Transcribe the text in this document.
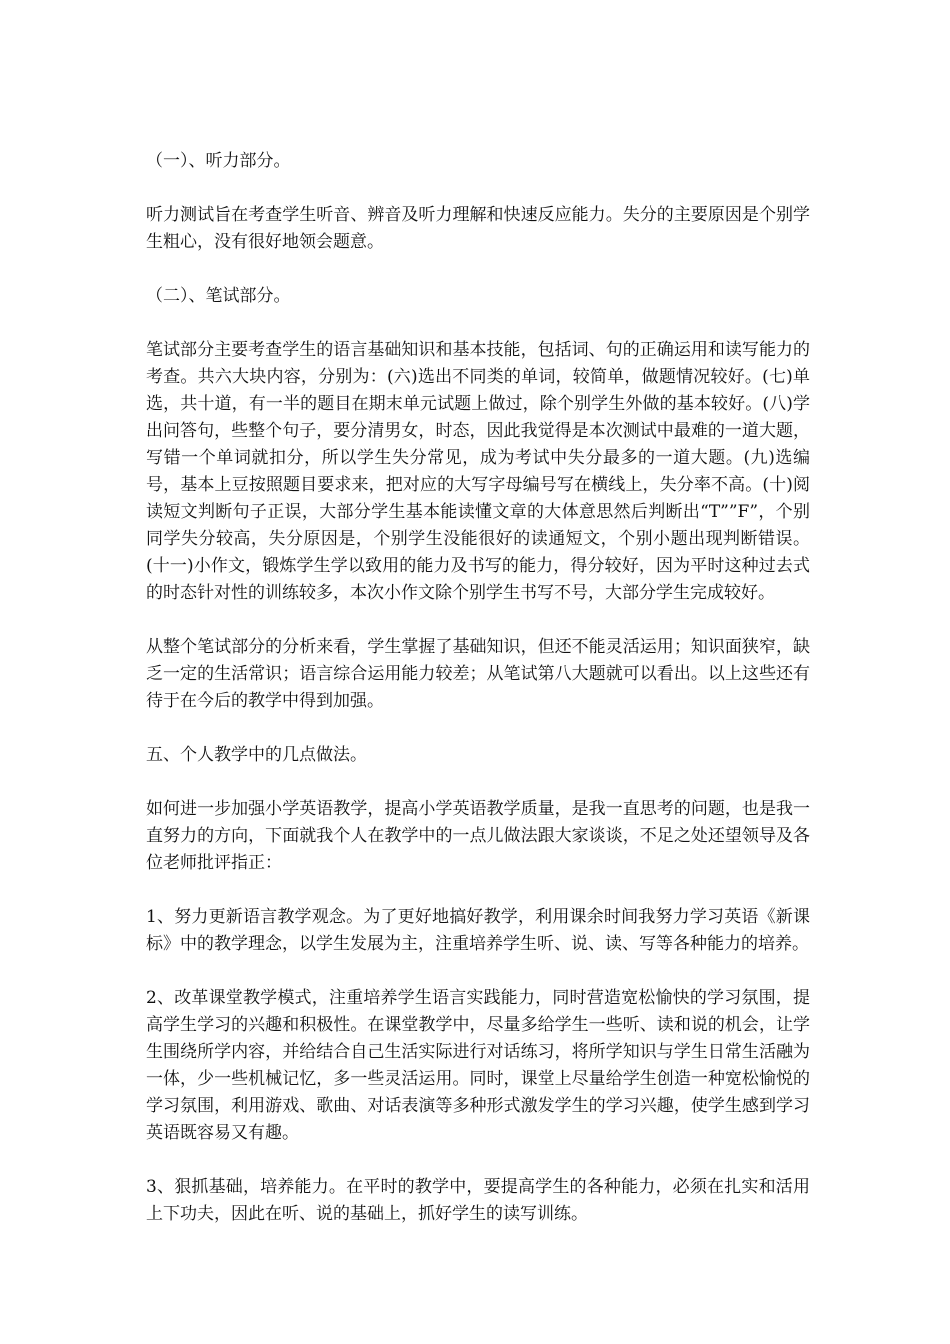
（一）、听力部分。

听力测试旨在考查学生听音、辨音及听力理解和快速反应能力。失分的主要原因是个别学生粗心，没有很好地领会题意。

（二）、笔试部分。

笔试部分主要考查学生的语言基础知识和基本技能，包括词、句的正确运用和读写能力的考查。共六大块内容，分别为：(六)选出不同类的单词，较简单，做题情况较好。(七)单选，共十道，有一半的题目在期末单元试题上做过，除个别学生外做的基本较好。(八)学出问答句，些整个句子，要分清男女，时态，因此我觉得是本次测试中最难的一道大题，写错一个单词就扣分，所以学生失分常见，成为考试中失分最多的一道大题。(九)选编号，基本上豆按照题目要求来，把对应的大写字母编号写在横线上，失分率不高。(十)阅读短文判断句子正误，大部分学生基本能读懂文章的大体意思然后判断出“T””F”，个别同学失分较高，失分原因是，个别学生没能很好的读通短文，个别小题出现判断错误。(十一)小作文，锻炼学生学以致用的能力及书写的能力，得分较好，因为平时这种过去式的时态针对性的训练较多，本次小作文除个别学生书写不号，大部分学生完成较好。

从整个笔试部分的分析来看，学生掌握了基础知识，但还不能灵活运用；知识面狭窄，缺乏一定的生活常识；语言综合运用能力较差；从笔试第八大题就可以看出。以上这些还有待于在今后的教学中得到加强。

五、个人教学中的几点做法。

如何进一步加强小学英语教学，提高小学英语教学质量，是我一直思考的问题，也是我一直努力的方向，下面就我个人在教学中的一点儿做法跟大家谈谈，不足之处还望领导及各位老师批评指正：

1、努力更新语言教学观念。为了更好地搞好教学，利用课余时间我努力学习英语《新课标》中的教学理念，以学生发展为主，注重培养学生听、说、读、写等各种能力的培养。

2、改革课堂教学模式，注重培养学生语言实践能力，同时营造宽松愉快的学习氛围，提高学生学习的兴趣和积极性。在课堂教学中，尽量多给学生一些听、读和说的机会，让学生围绕所学内容，并给结合自己生活实际进行对话练习，将所学知识与学生日常生活融为一体，少一些机械记忆，多一些灵活运用。同时，课堂上尽量给学生创造一种宽松愉悦的学习氛围，利用游戏、歌曲、对话表演等多种形式激发学生的学习兴趣，使学生感到学习英语既容易又有趣。

3、狠抓基础，培养能力。在平时的教学中，要提高学生的各种能力，必须在扎实和活用上下功夫，因此在听、说的基础上，抓好学生的读写训练。
